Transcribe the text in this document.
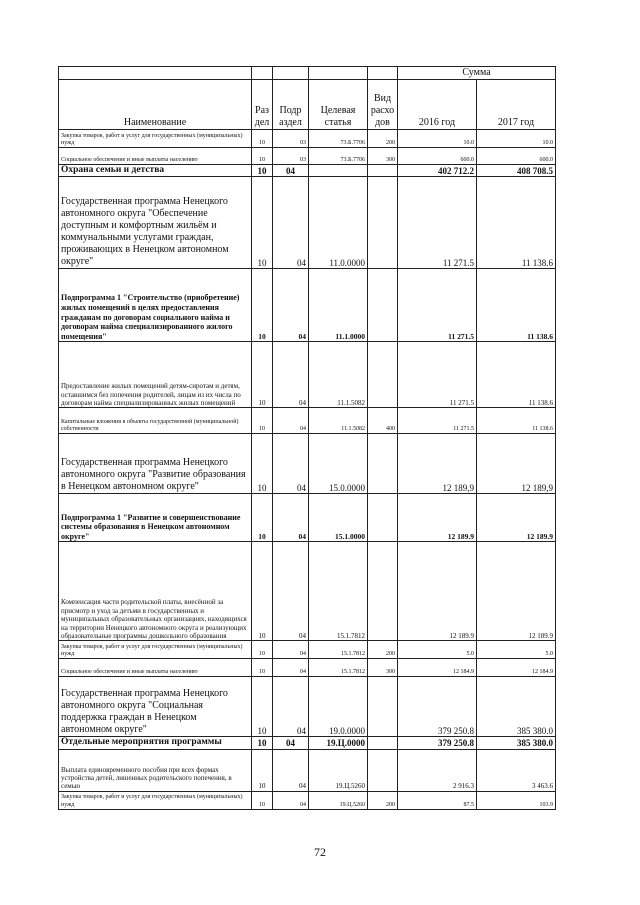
					Сумма	
Наименование	Раз дел	Подр аздел	Целевая статья	Вид расхо дов	2016 год	2017 год
Закупка товаров, работ и услуг для государственных (муниципальных) нужд	10	03	73.Б.7706	200	10.0	10.0
Социальное обеспечение и иные выплаты населению	10	03	73.Б.7706	300	600.0	600.0
Охрана семьи и детства	10	04			402 712.2	408 708.5
Государственная программа Ненецкого автономного округа "Обеспечение доступным и комфортным жильём и коммунальными услугами граждан, проживающих в Ненецком автономном округе"	10	04	11.0.0000		11 271.5	11 138.6
Подпрограмма 1 "Строительство (приобретение) жилых помещений в целях предоставления гражданам по договорам социального найма и договорам найма специализированного жилого помещения"	10	04	11.1.0000		11 271.5	11 138.6
Предоставление жилых помещений детям-сиротам и детям, оставшимся без попечения родителей, лицам из их числа по договорам найма специализированных жилых помещений	10	04	11.1.5082		11 271.5	11 138.6
Капитальные вложения в объекты государственной (муниципальной) собственности	10	04	11.1.5082	400	11 271.5	11 138.6
Государственная программа Ненецкого автономного округа "Развитие образования в Ненецком автономном округе"	10	04	15.0.0000		12 189,9	12 189,9
Подпрограмма 1 "Развитие и совершенствование системы образования в Ненецком автономном округе"	10	04	15.1.0000		12 189.9	12 189.9
Компенсация части родительской платы, внесённой за присмотр и уход за детьми в государственных и муниципальных образовательных организациях, находящихся на территории Ненецкого автономного округа и реализующих образовательные программы дошкольного образования	10	04	15.1.7812		12 189.9	12 189.9
Закупка товаров, работ и услуг для государственных (муниципальных) нужд	10	04	15.1.7812	200	5.0	5.0
Социальное обеспечение и иные выплаты населению	10	04	15.1.7812	300	12 184.9	12 184.9
Государственная программа Ненецкого автономного округа "Социальная поддержка граждан в Ненецком автономном округе"	10	04	19.0.0000		379 250.8	385 380.0
Отдельные мероприятия программы	10	04	19.Ц.0000		379 250.8	385 380.0
Выплата единовременного пособия при всех формах устройства детей, лишенных родительского попечения, в семью	10	04	19.Ц.5260		2 916.3	3 463.6
Закупка товаров, работ и услуг для государственных (муниципальных) нужд	10	04	19.Ц.5260	200	87.5	103.9
72
